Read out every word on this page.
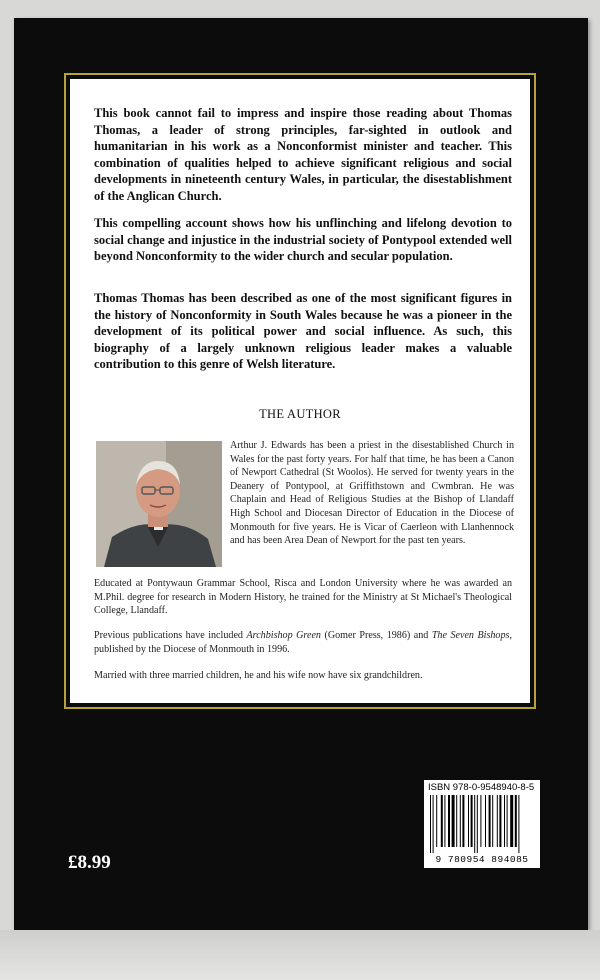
£8.99
ISBN 978-0-9548940-8-5
9 780954 894085

This book cannot fail to impress and inspire those reading about Thomas Thomas, a leader of strong principles, far-sighted in outlook and humanitarian in his work as a Nonconformist minister and teacher. This combination of qualities helped to achieve significant religious and social developments in nineteenth century Wales, in particular, the disestablishment of the Anglican Church.

This compelling account shows how his unflinching and lifelong devotion to social change and injustice in the industrial society of Pontypool extended well beyond Nonconformity to the wider church and secular population.

Thomas Thomas has been described as one of the most significant figures in the history of Nonconformity in South Wales because he was a pioneer in the development of its political power and social influence. As such, this biography of a largely unknown religious leader makes a valuable contribution to this genre of Welsh literature.

THE AUTHOR

Arthur J. Edwards has been a priest in the disestablished Church in Wales for the past forty years. For half that time, he has been a Canon of Newport Cathedral (St Woolos). He served for twenty years in the Deanery of Pontypool, at Griffithstown and Cwmbran. He was Chaplain and Head of Religious Studies at the Bishop of Llandaff High School and Diocesan Director of Education in the Diocese of Monmouth for five years. He is Vicar of Caerleon with Llanhennock and has been Area Dean of Newport for the past ten years.

Educated at Pontywaun Grammar School, Risca and London University where he was awarded an M.Phil. degree for research in Modern History, he trained for the Ministry at St Michael's Theological College, Llandaff.

Previous publications have included Archbishop Green (Gomer Press, 1986) and The Seven Bishops, published by the Diocese of Monmouth in 1996.

Married with three married children, he and his wife now have six grandchildren.
